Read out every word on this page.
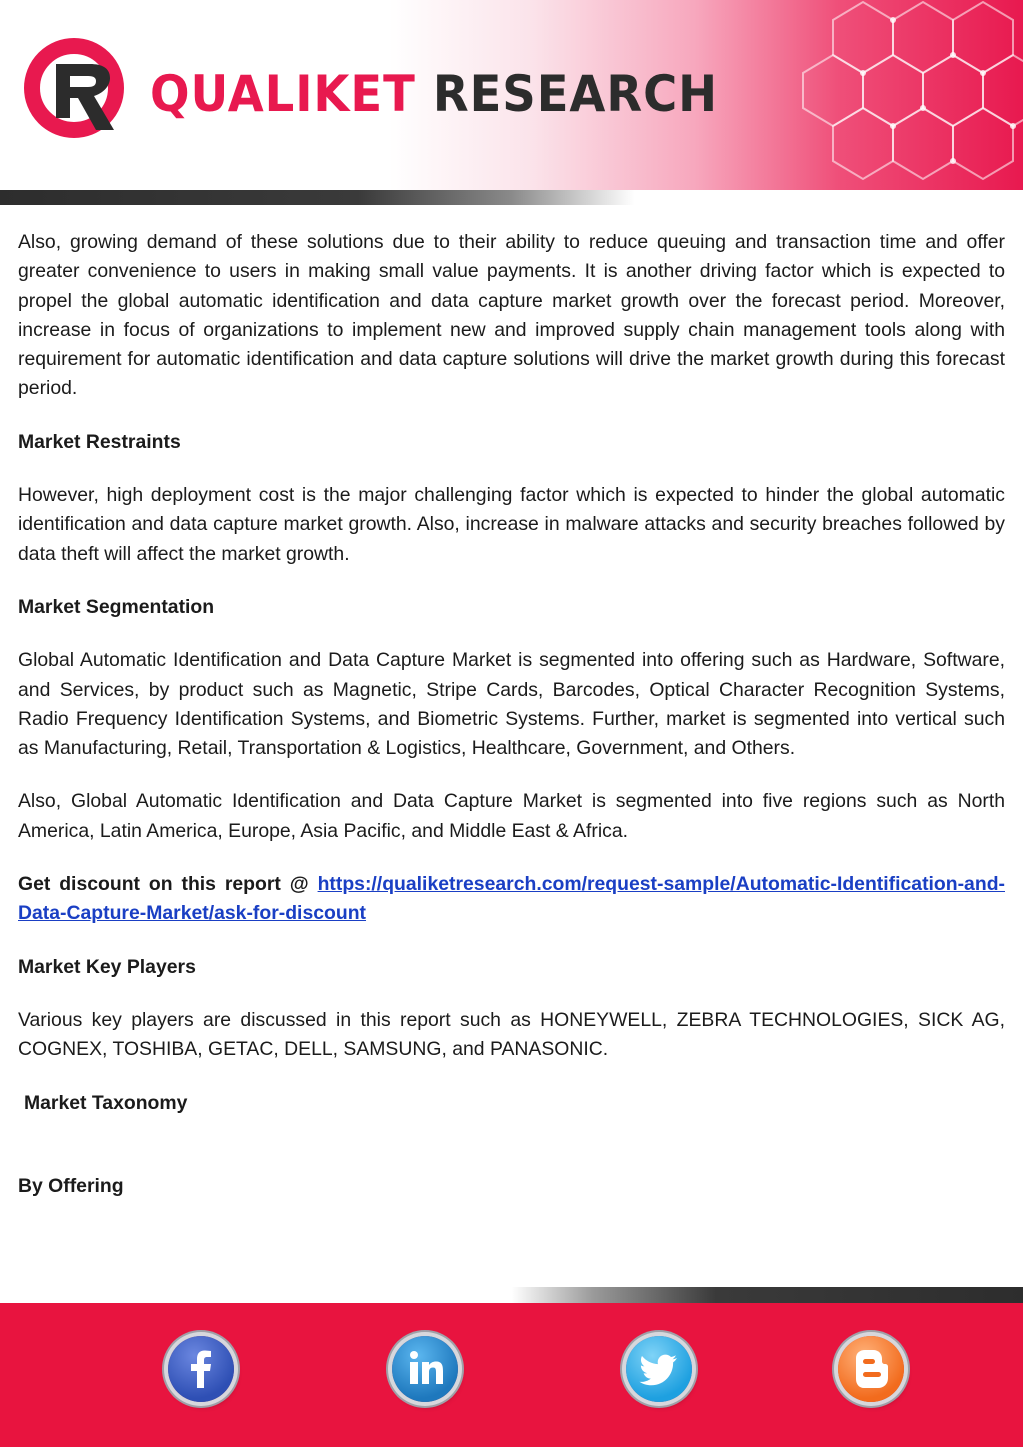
QUALIKET RESEARCH

Also, growing demand of these solutions due to their ability to reduce queuing and transaction time and offer greater convenience to users in making small value payments. It is another driving factor which is expected to propel the global automatic identification and data capture market growth over the forecast period. Moreover, increase in focus of organizations to implement new and improved supply chain management tools along with requirement for automatic identification and data capture solutions will drive the market growth during this forecast period.

Market Restraints

However, high deployment cost is the major challenging factor which is expected to hinder the global automatic identification and data capture market growth. Also, increase in malware attacks and security breaches followed by data theft will affect the market growth.

Market Segmentation

Global Automatic Identification and Data Capture Market is segmented into offering such as Hardware, Software, and Services, by product such as Magnetic, Stripe Cards, Barcodes, Optical Character Recognition Systems, Radio Frequency Identification Systems, and Biometric Systems. Further, market is segmented into vertical such as Manufacturing, Retail, Transportation & Logistics, Healthcare, Government, and Others.

Also, Global Automatic Identification and Data Capture Market is segmented into five regions such as North America, Latin America, Europe, Asia Pacific, and Middle East & Africa.

Get discount on this report @ https://qualiketresearch.com/request-sample/Automatic-Identification-and-Data-Capture-Market/ask-for-discount

Market Key Players

Various key players are discussed in this report such as HONEYWELL, ZEBRA TECHNOLOGIES, SICK AG, COGNEX, TOSHIBA, GETAC, DELL, SAMSUNG, and PANASONIC.

Market Taxonomy
By Offering
